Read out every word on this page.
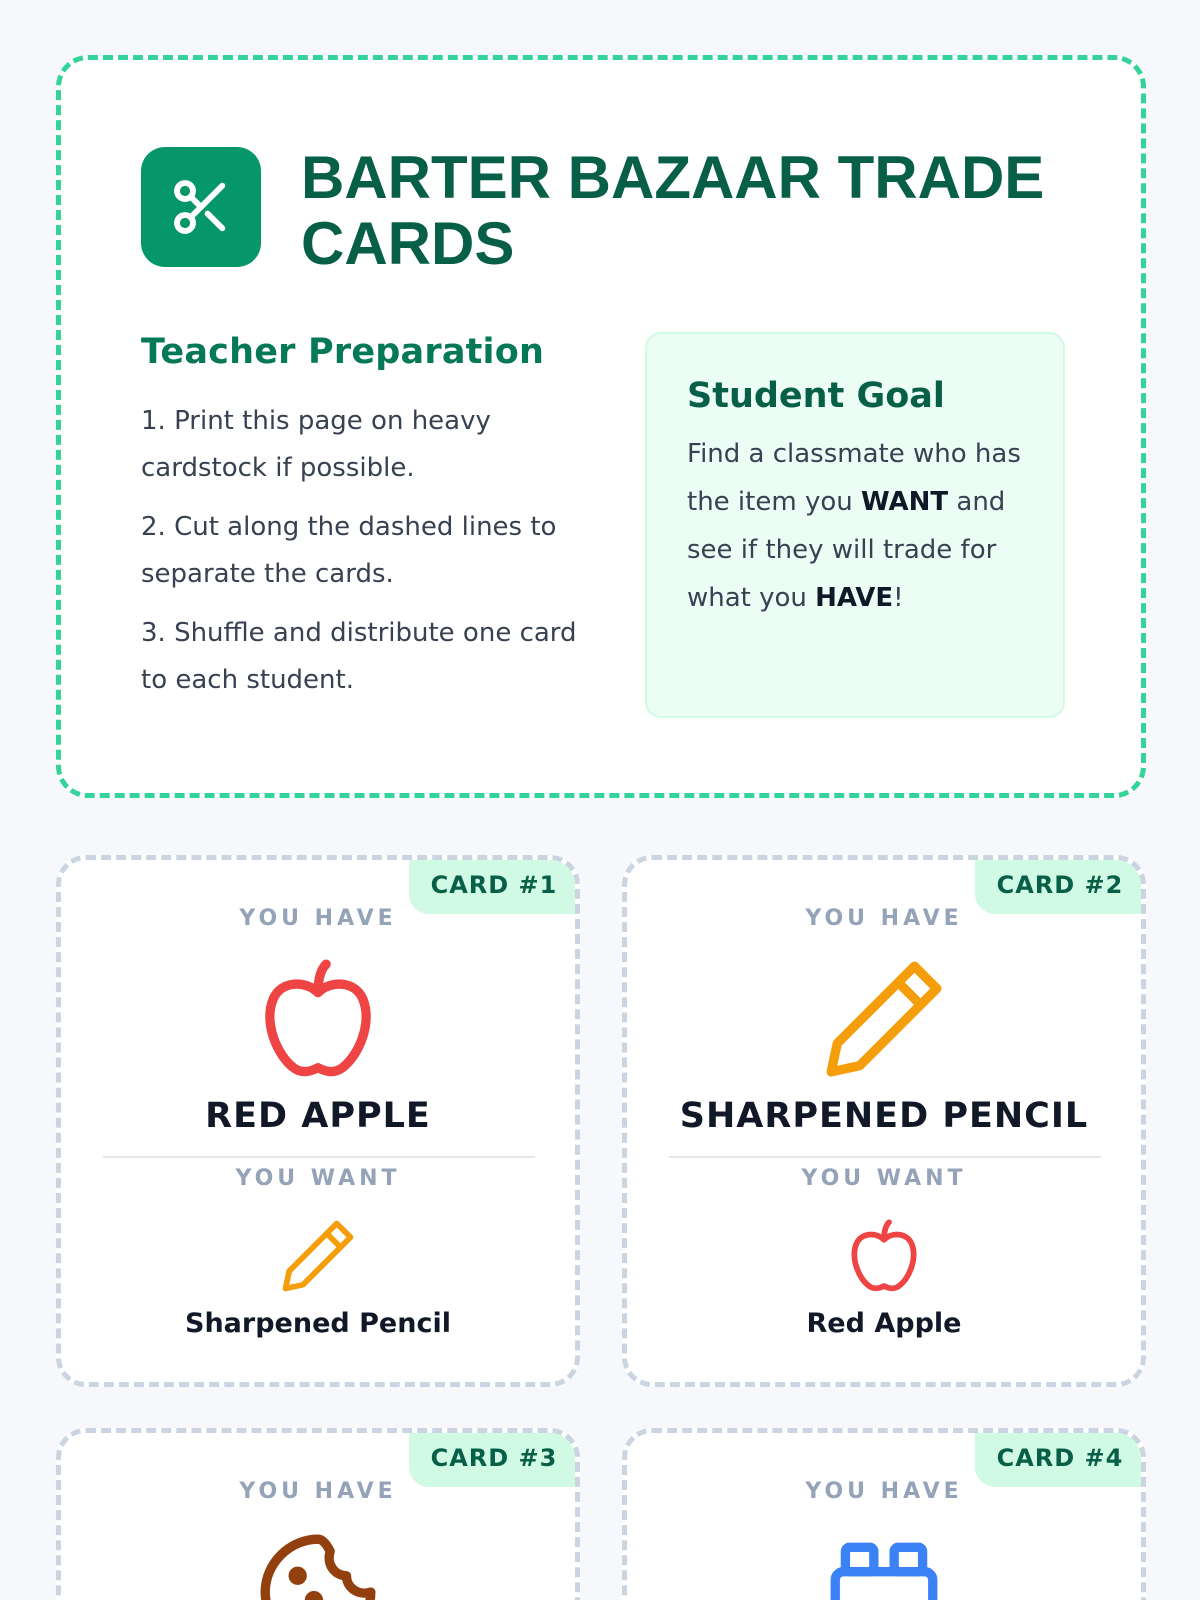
BARTER BAZAAR TRADE CARDS
Teacher Preparation

1. Print this page on heavy cardstock if possible.

2. Cut along the dashed lines to separate the cards.

3. Shuffle and distribute one card to each student.

Student Goal

Find a classmate who has the item you WANT and see if they will trade for what you HAVE!

CARD #1
YOU HAVE
RED APPLE
YOU WANT
Sharpened Pencil
CARD #2
YOU HAVE
SHARPENED PENCIL
YOU WANT
Red Apple
CARD #3
YOU HAVE
CARD #4
YOU HAVE
